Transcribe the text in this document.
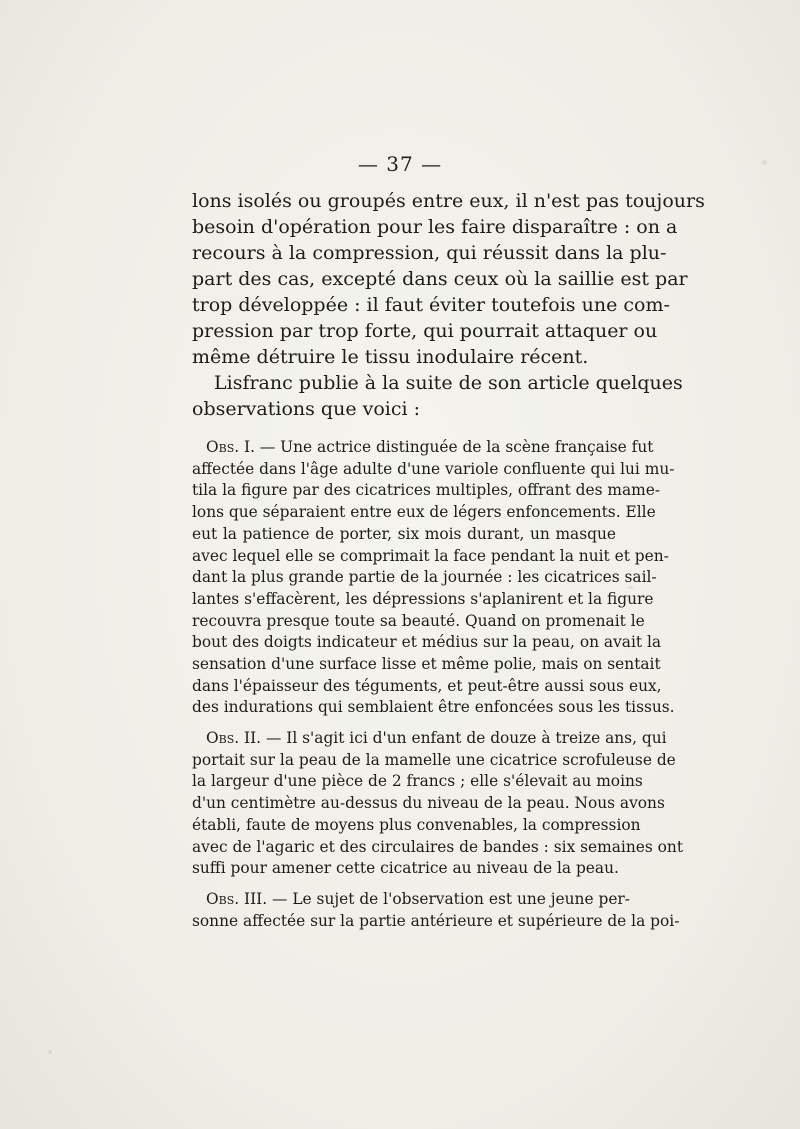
— 37 —
lons isolés ou groupés entre eux, il n'est pas toujours
besoin d'opération pour les faire disparaître : on a
recours à la compression, qui réussit dans la plu-
part des cas, excepté dans ceux où la saillie est par
trop développée : il faut éviter toutefois une com-
pression par trop forte, qui pourrait attaquer ou
même détruire le tissu inodulaire récent.
Lisfranc publie à la suite de son article quelques
observations que voici :
Obs. I. — Une actrice distinguée de la scène française fut
affectée dans l'âge adulte d'une variole confluente qui lui mu-
tila la figure par des cicatrices multiples, offrant des mame-
lons que séparaient entre eux de légers enfoncements. Elle
eut la patience de porter, six mois durant, un masque
avec lequel elle se comprimait la face pendant la nuit et pen-
dant la plus grande partie de la journée : les cicatrices sail-
lantes s'effacèrent, les dépressions s'aplanirent et la figure
recouvra presque toute sa beauté. Quand on promenait le
bout des doigts indicateur et médius sur la peau, on avait la
sensation d'une surface lisse et même polie, mais on sentait
dans l'épaisseur des téguments, et peut-être aussi sous eux,
des indurations qui semblaient être enfoncées sous les tissus.
Obs. II. — Il s'agit ici d'un enfant de douze à treize ans, qui
portait sur la peau de la mamelle une cicatrice scrofuleuse de
la largeur d'une pièce de 2 francs ; elle s'élevait au moins
d'un centimètre au-dessus du niveau de la peau. Nous avons
établi, faute de moyens plus convenables, la compression
avec de l'agaric et des circulaires de bandes : six semaines ont
suffi pour amener cette cicatrice au niveau de la peau.
Obs. III. — Le sujet de l'observation est une jeune per-
sonne affectée sur la partie antérieure et supérieure de la poi-
